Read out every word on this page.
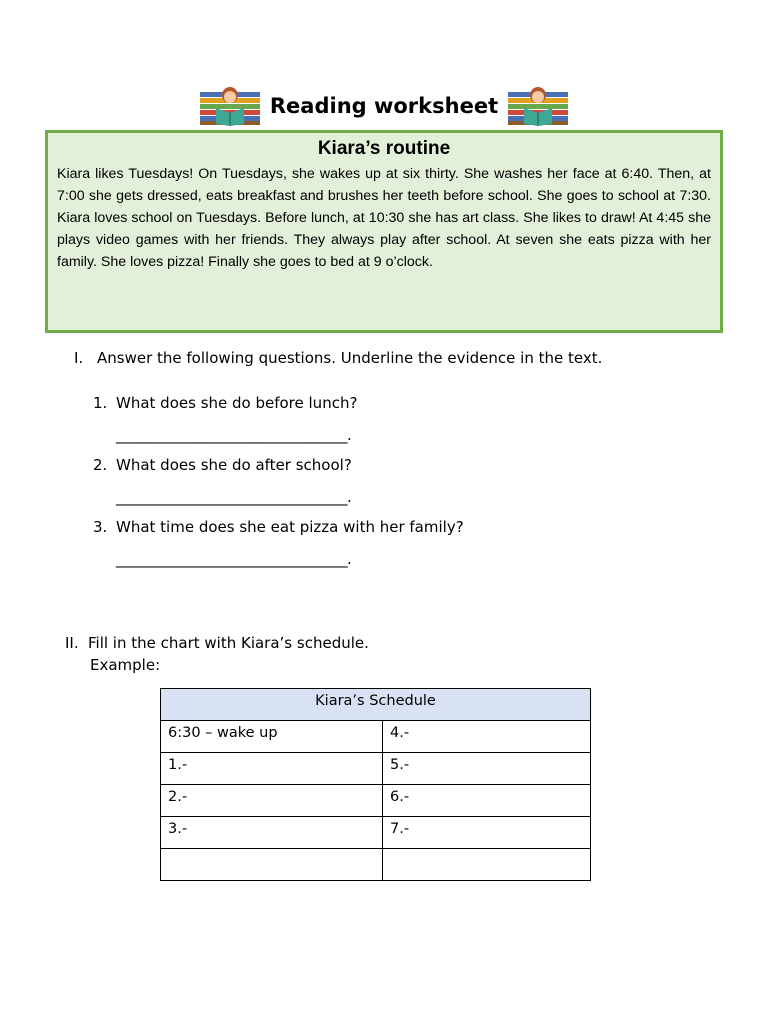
Reading worksheet
Kiara’s routine
Kiara likes Tuesdays! On Tuesdays, she wakes up at six thirty. She washes her face at 6:40. Then, at 7:00 she gets dressed, eats breakfast and brushes her teeth before school. She goes to school at 7:30. Kiara loves school on Tuesdays. Before lunch, at 10:30 she has art class. She likes to draw! At 4:45 she plays video games with her friends. They always play after school. At seven she eats pizza with her family. She loves pizza! Finally she goes to bed at 9 o’clock.
I. Answer the following questions. Underline the evidence in the text.
1. What does she do before lunch?
_________________________________.
2. What does she do after school?
_________________________________.
3. What time does she eat pizza with her family?
_________________________________.
II. Fill in the chart with Kiara’s schedule.
Example:
Kiara’s Schedule	
6:30 – wake up	4.-
1.-	5.-
2.-	6.-
3.-	7.-
